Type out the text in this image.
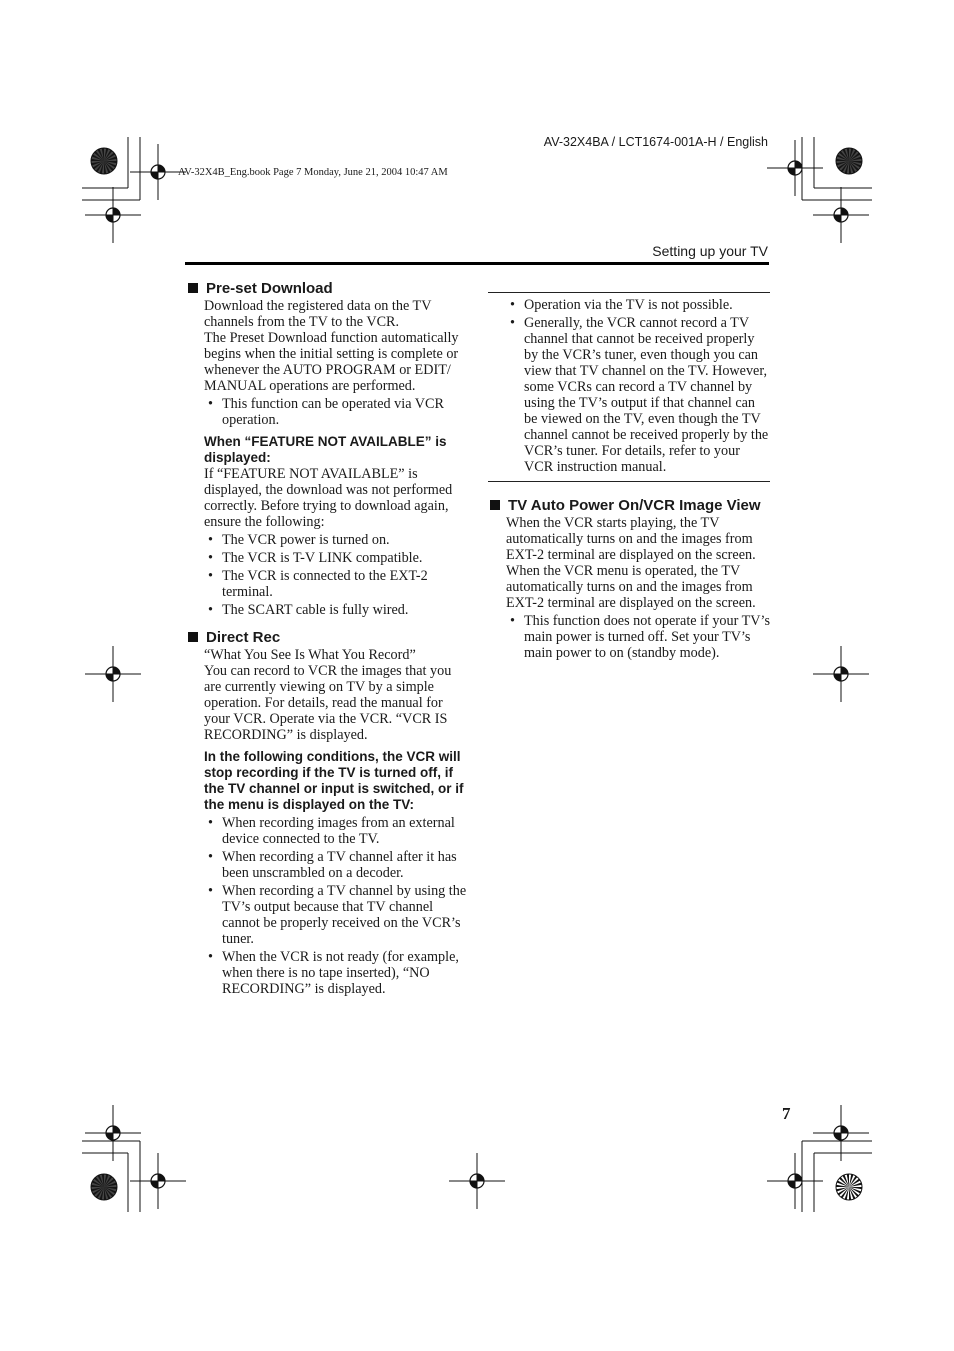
AV-32X4BA / LCT1674-001A-H / English
AV-32X4B_Eng.book Page 7 Monday, June 21, 2004 10:47 AM
Setting up your TV
Pre-set Download

Download the registered data on the TV channels from the TV to the VCR.

The Preset Download function automatically begins when the initial setting is complete or whenever the AUTO PROGRAM or EDIT/ MANUAL operations are performed.

• This function can be operated via VCR operation.
When “FEATURE NOT AVAILABLE” is displayed:

If “FEATURE NOT AVAILABLE” is displayed, the download was not performed correctly. Before trying to download again, ensure the following:

• The VCR power is turned on.
• The VCR is T-V LINK compatible.
• The VCR is connected to the EXT-2 terminal.
• The SCART cable is fully wired.
Direct Rec

“What You See Is What You Record”

You can record to VCR the images that you are currently viewing on TV by a simple operation. For details, read the manual for your VCR. Operate via the VCR. “VCR IS RECORDING” is displayed.

In the following conditions, the VCR will stop recording if the TV is turned off, if the TV channel or input is switched, or if the menu is displayed on the TV:
• When recording images from an external device connected to the TV.
• When recording a TV channel after it has been unscrambled on a decoder.
• When recording a TV channel by using the TV’s output because that TV channel cannot be properly received on the VCR’s tuner.
• When the VCR is not ready (for example, when there is no tape inserted), “NO RECORDING” is displayed.
• Operation via the TV is not possible.
• Generally, the VCR cannot record a TV channel that cannot be received properly by the VCR’s tuner, even though you can view that TV channel on the TV. However, some VCRs can record a TV channel by using the TV’s output if that channel can be viewed on the TV, even though the TV channel cannot be received properly by the VCR’s tuner. For details, refer to your VCR instruction manual.
TV Auto Power On/VCR Image View

When the VCR starts playing, the TV automatically turns on and the images from EXT-2 terminal are displayed on the screen.

When the VCR menu is operated, the TV automatically turns on and the images from EXT-2 terminal are displayed on the screen.

• This function does not operate if your TV’s main power is turned off. Set your TV’s main power to on (standby mode).
7
